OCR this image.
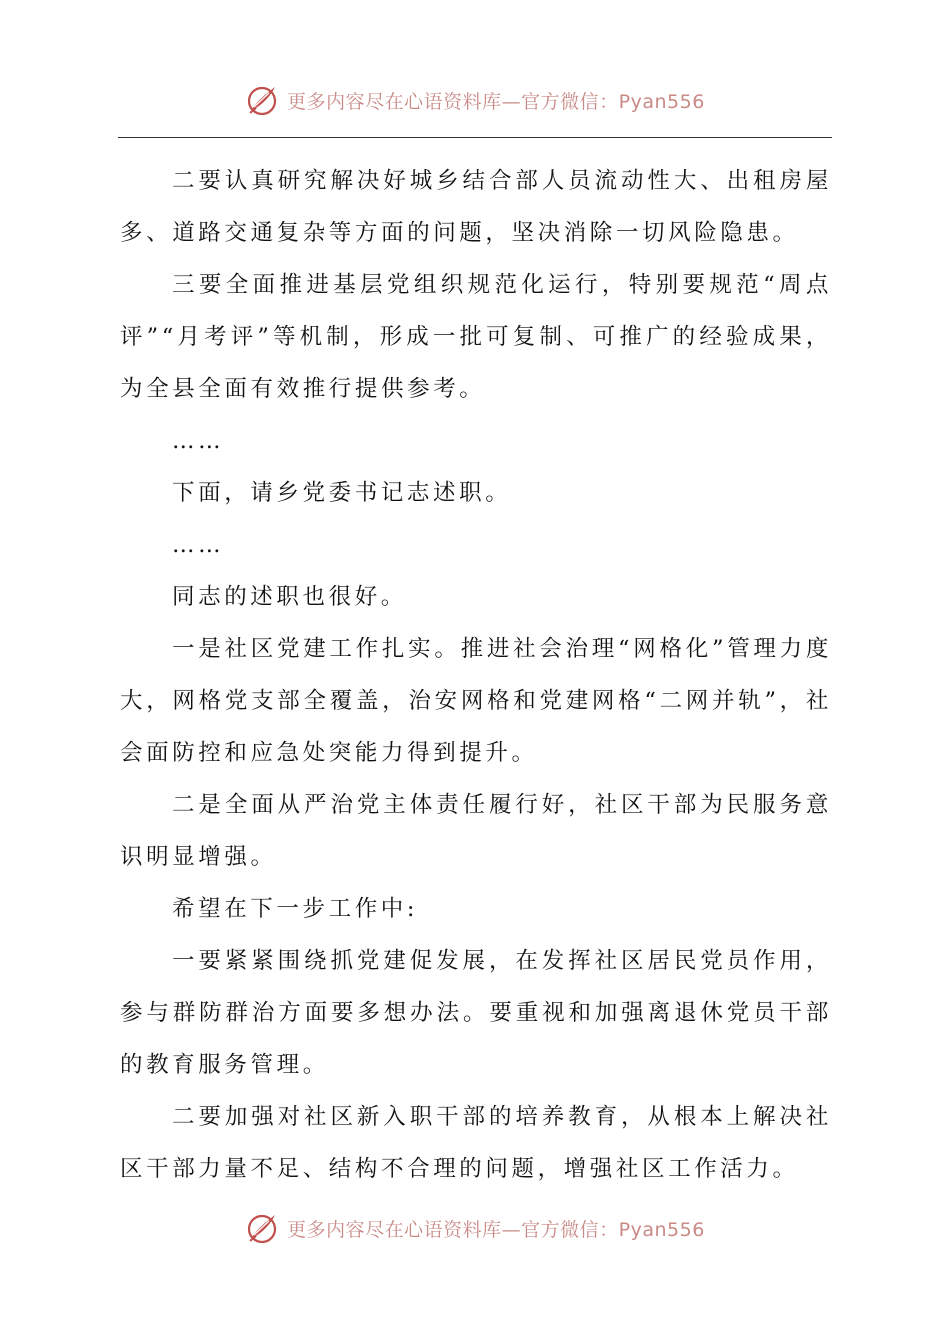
更多内容尽在心语资料库—官方微信：Pyan556

二要认真研究解决好城乡结合部人员流动性大、出租房屋多、道路交通复杂等方面的问题，坚决消除一切风险隐患。

三要全面推进基层党组织规范化运行，特别要规范“周点评”“月考评”等机制，形成一批可复制、可推广的经验成果，为全县全面有效推行提供参考。

……

下面，请乡党委书记志述职。

……

同志的述职也很好。

一是社区党建工作扎实。推进社会治理“网格化”管理力度大，网格党支部全覆盖，治安网格和党建网格“二网并轨”，社会面防控和应急处突能力得到提升。

二是全面从严治党主体责任履行好，社区干部为民服务意识明显增强。

希望在下一步工作中:

一要紧紧围绕抓党建促发展，在发挥社区居民党员作用，参与群防群治方面要多想办法。要重视和加强离退休党员干部的教育服务管理。

二要加强对社区新入职干部的培养教育，从根本上解决社区干部力量不足、结构不合理的问题，增强社区工作活力。

更多内容尽在心语资料库—官方微信：Pyan556
